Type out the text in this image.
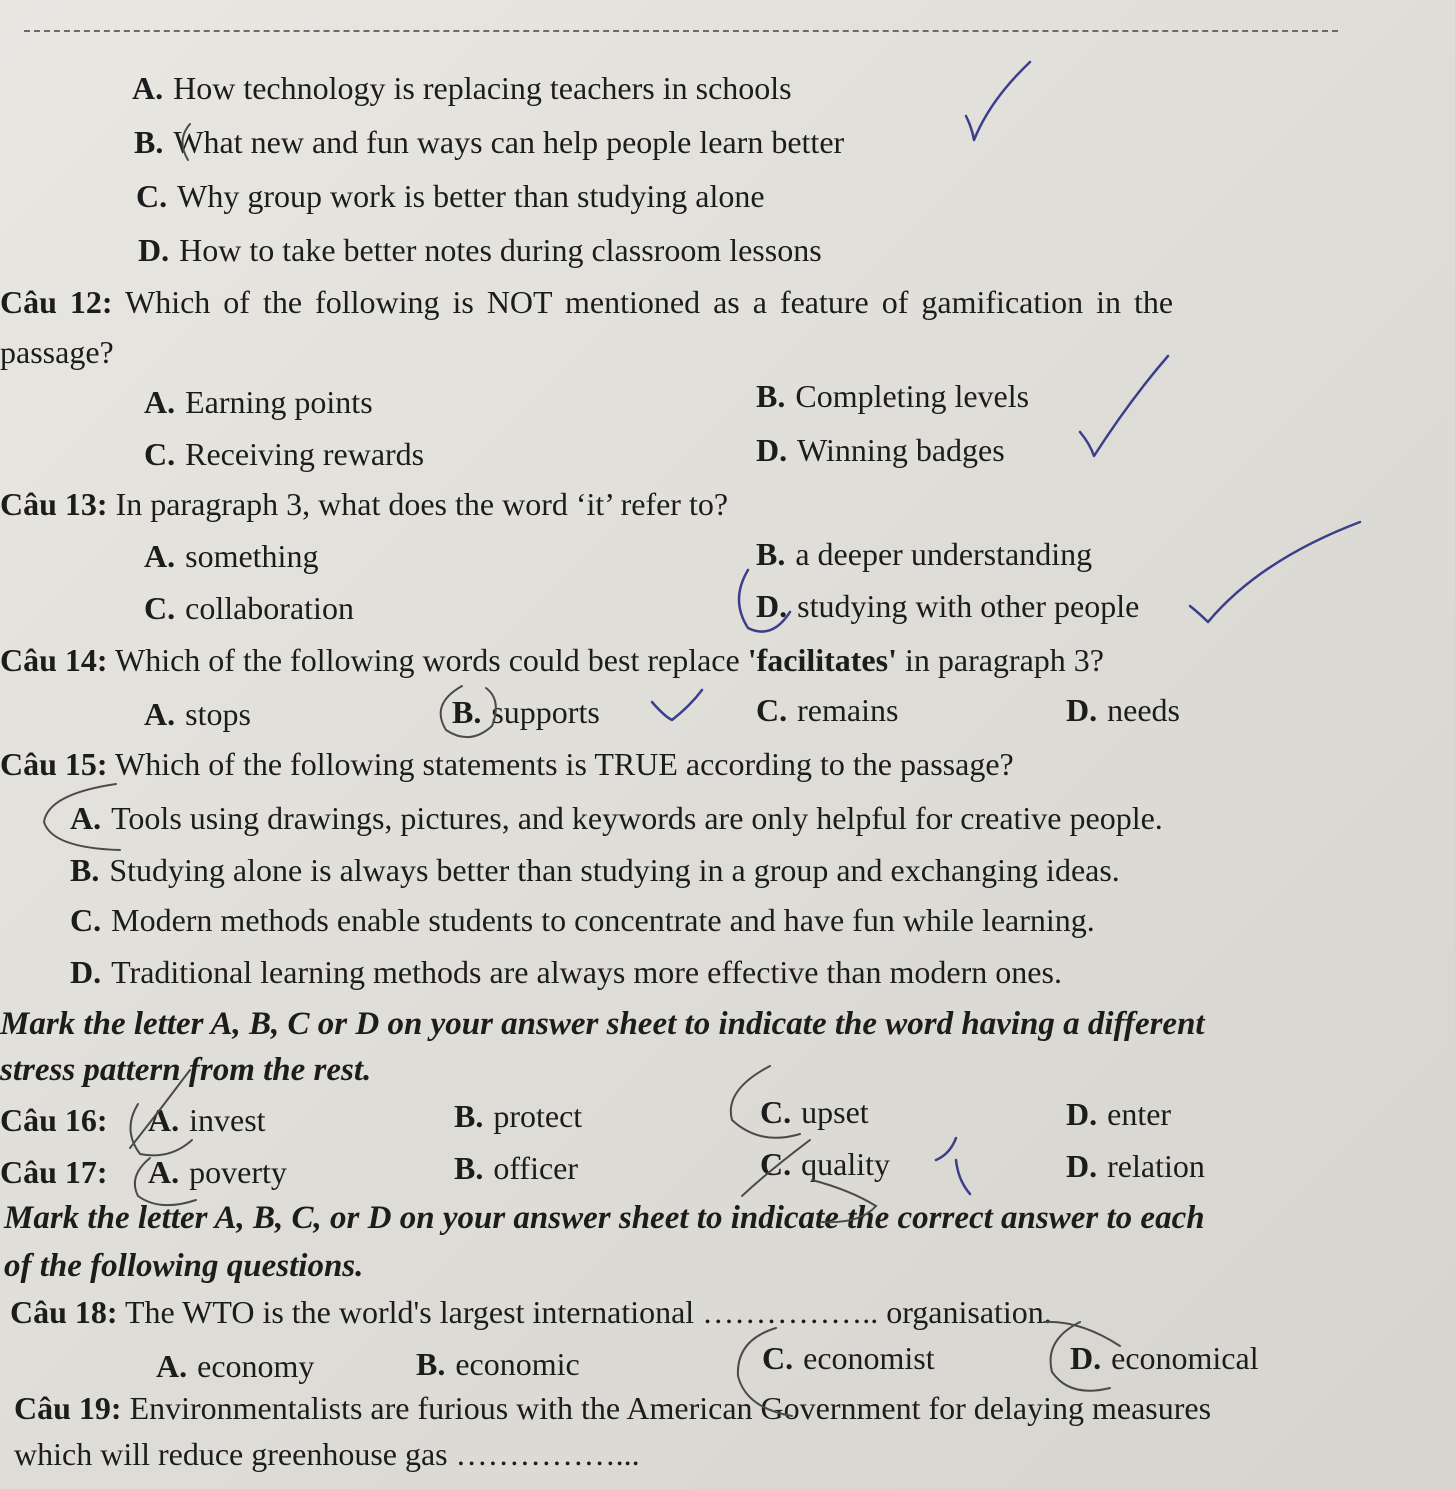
A. How technology is replacing teachers in schools
B. What new and fun ways can help people learn better
C. Why group work is better than studying alone
D. How to take better notes during classroom lessons
Câu 12: Which of the following is NOT mentioned as a feature of gamification in the
passage?
A. Earning points	B. Completing levels
C. Receiving rewards	D. Winning badges
Câu 13: In paragraph 3, what does the word ‘it’ refer to?
A. something	B. a deeper understanding
C. collaboration	D. studying with other people
Câu 14: Which of the following words could best replace 'facilitates' in paragraph 3?
A. stops	B. supports	C. remains	D. needs
Câu 15: Which of the following statements is TRUE according to the passage?
A. Tools using drawings, pictures, and keywords are only helpful for creative people.
B. Studying alone is always better than studying in a group and exchanging ideas.
C. Modern methods enable students to concentrate and have fun while learning.
D. Traditional learning methods are always more effective than modern ones.
Mark the letter A, B, C or D on your answer sheet to indicate the word having a different
stress pattern from the rest.
Câu 16: A. invest	B. protect	C. upset	D. enter
Câu 17: A. poverty	B. officer	C. quality	D. relation
Mark the letter A, B, C, or D on your answer sheet to indicate the correct answer to each
of the following questions.
Câu 18: The WTO is the world's largest international …………….. organisation.
A. economy	B. economic	C. economist	D. economical
Câu 19: Environmentalists are furious with the American Government for delaying measures
which will reduce greenhouse gas ……………...
